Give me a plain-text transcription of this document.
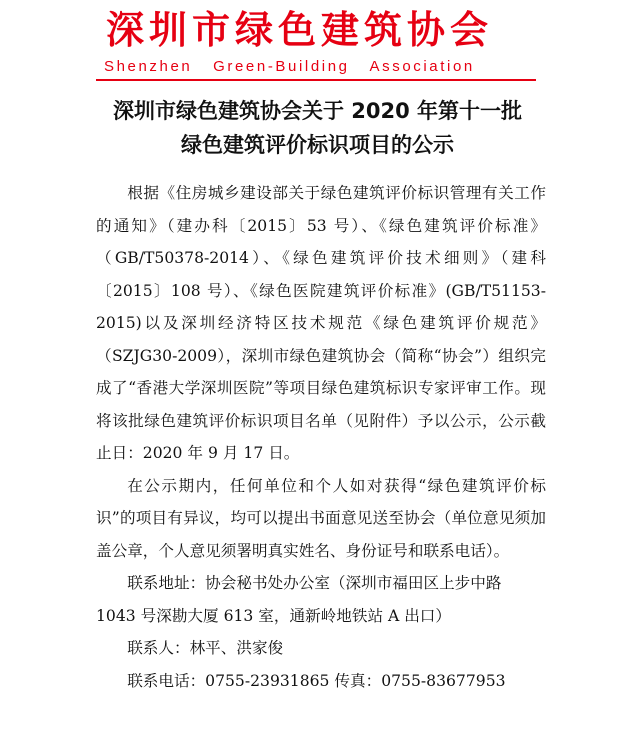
深圳市绿色建筑协会
Shenzhen Green-Building Association
深圳市绿色建筑协会关于 2020 年第十一批
绿色建筑评价标识项目的公示

根据《住房城乡建设部关于绿色建筑评价标识管理有关工作的通知》（建办科〔2015〕53 号）、《绿色建筑评价标准》（GB/T50378-2014）、《绿色建筑评价技术细则》（建科〔2015〕108 号）、《绿色医院建筑评价标准》(GB/T51153-2015)以及深圳经济特区技术规范《绿色建筑评价规范》（SZJG30-2009），深圳市绿色建筑协会（简称“协会”）组织完成了“香港大学深圳医院”等项目绿色建筑标识专家评审工作。现将该批绿色建筑评价标识项目名单（见附件）予以公示，公示截止日：2020 年 9 月 17 日。

在公示期内，任何单位和个人如对获得“绿色建筑评价标识”的项目有异议，均可以提出书面意见送至协会（单位意见须加盖公章，个人意见须署明真实姓名、身份证号和联系电话）。

联系地址：协会秘书处办公室（深圳市福田区上步中路

1043 号深勘大厦 613 室，通新岭地铁站 A 出口）

联系人：林平、洪家俊

联系电话：0755-23931865 传真：0755-83677953
